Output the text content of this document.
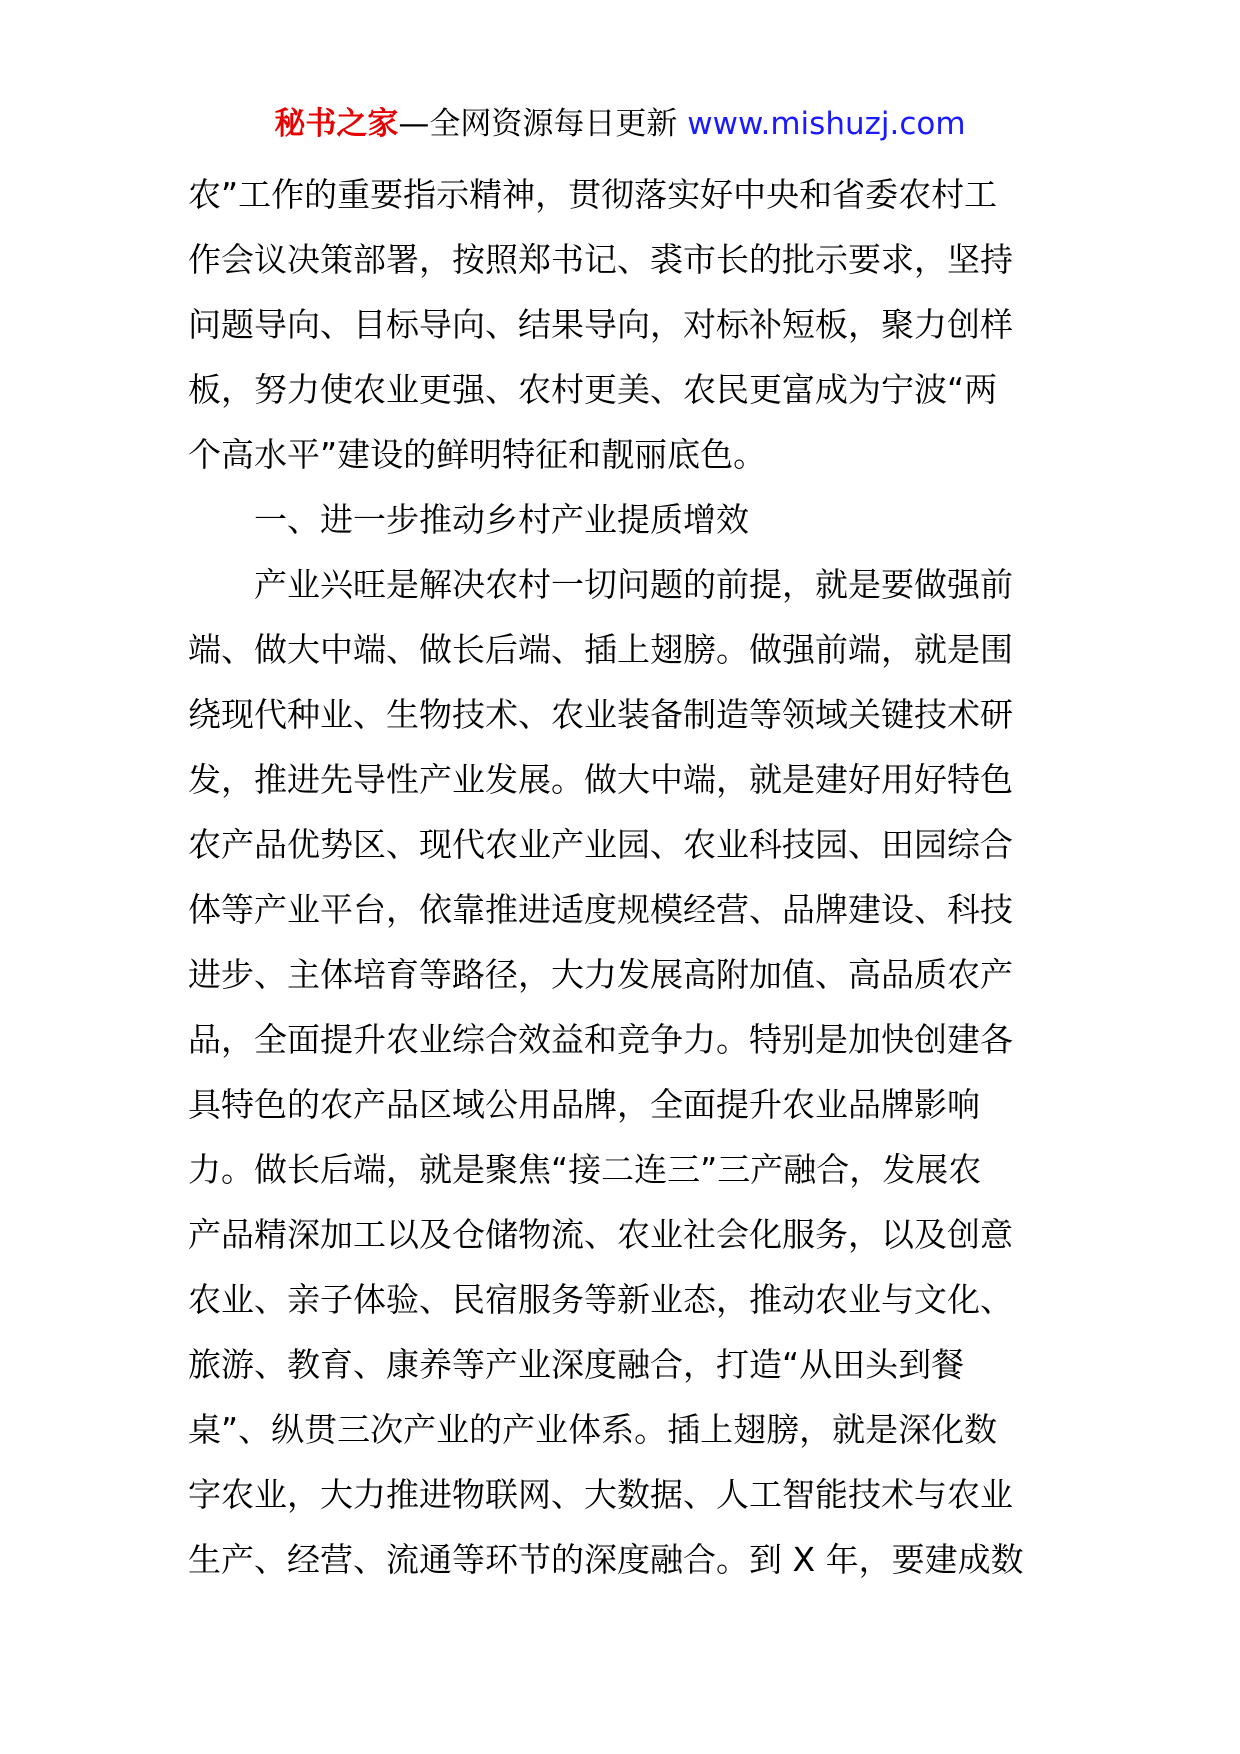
秘书之家—全网资源每日更新 www.mishuzj.com
农”工作的重要指示精神，贯彻落实好中央和省委农村工
作会议决策部署，按照郑书记、裘市长的批示要求，坚持
问题导向、目标导向、结果导向，对标补短板，聚力创样
板，努力使农业更强、农村更美、农民更富成为宁波“两
个高水平”建设的鲜明特征和靓丽底色。
一、进一步推动乡村产业提质增效
产业兴旺是解决农村一切问题的前提，就是要做强前
端、做大中端、做长后端、插上翅膀。做强前端，就是围
绕现代种业、生物技术、农业装备制造等领域关键技术研
发，推进先导性产业发展。做大中端，就是建好用好特色
农产品优势区、现代农业产业园、农业科技园、田园综合
体等产业平台，依靠推进适度规模经营、品牌建设、科技
进步、主体培育等路径，大力发展高附加值、高品质农产
品，全面提升农业综合效益和竞争力。特别是加快创建各
具特色的农产品区域公用品牌，全面提升农业品牌影响
力。做长后端，就是聚焦“接二连三”三产融合，发展农
产品精深加工以及仓储物流、农业社会化服务，以及创意
农业、亲子体验、民宿服务等新业态，推动农业与文化、
旅游、教育、康养等产业深度融合，打造“从田头到餐
桌”、纵贯三次产业的产业体系。插上翅膀，就是深化数
字农业，大力推进物联网、大数据、人工智能技术与农业
生产、经营、流通等环节的深度融合。到 X 年，要建成数
